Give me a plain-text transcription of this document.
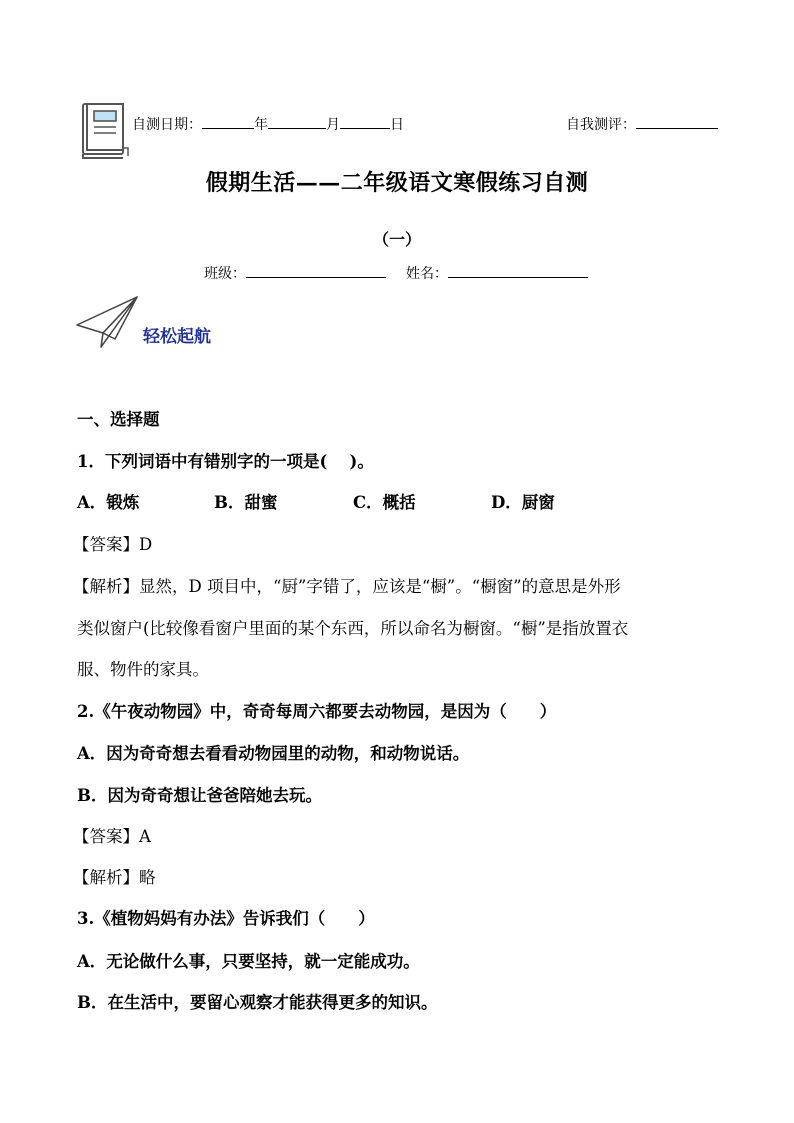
自测日期：	年	月	日	自我测评：
假期生活——二年级语文寒假练习自测
（一）
班级：	姓名：
轻松起航
一、选择题
1．下列词语中有错别字的一项是(　 )。
A．锻炼	B．甜蜜	C．概括	D．厨窗
【答案】D
【解析】显然，D 项目中，“厨”字错了，应该是“橱”。“橱窗”的意思是外形
类似窗户(比较像看窗户里面的某个东西，所以命名为橱窗。“橱”是指放置衣
服、物件的家具。
2.《午夜动物园》中，奇奇每周六都要去动物园，是因为（　　）
A．因为奇奇想去看看动物园里的动物，和动物说话。
B．因为奇奇想让爸爸陪她去玩。
【答案】A
【解析】略
3.《植物妈妈有办法》告诉我们（　　）
A．无论做什么事，只要坚持，就一定能成功。
B．在生活中，要留心观察才能获得更多的知识。
